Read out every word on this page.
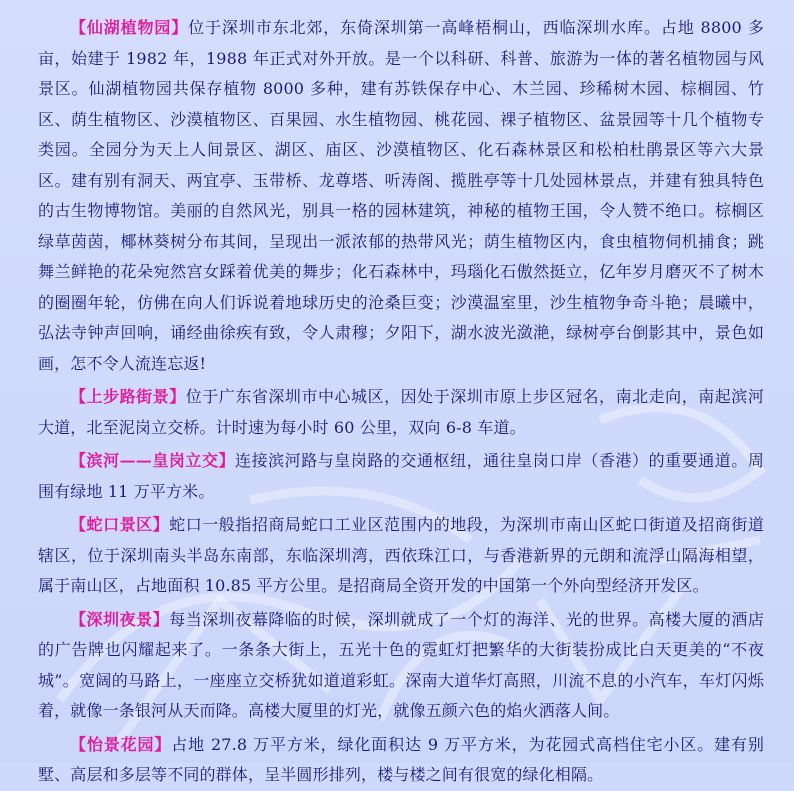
【仙湖植物园】位于深圳市东北郊，东倚深圳第一高峰梧桐山，西临深圳水库。占地 8800 多亩，始建于 1982 年，1988 年正式对外开放。是一个以科研、科普、旅游为一体的著名植物园与风景区。仙湖植物园共保存植物 8000 多种，建有苏铁保存中心、木兰园、珍稀树木园、棕榈园、竹区、荫生植物区、沙漠植物区、百果园、水生植物园、桃花园、裸子植物区、盆景园等十几个植物专类园。全园分为天上人间景区、湖区、庙区、沙漠植物区、化石森林景区和松柏杜鹃景区等六大景区。建有别有洞天、两宜亭、玉带桥、龙尊塔、听涛阁、揽胜亭等十几处园林景点，并建有独具特色的古生物博物馆。美丽的自然风光，别具一格的园林建筑，神秘的植物王国，令人赞不绝口。棕榈区绿草茵茵，椰林葵树分布其间，呈现出一派浓郁的热带风光；荫生植物区内，食虫植物伺机捕食；跳舞兰鲜艳的花朵宛然宫女踩着优美的舞步；化石森林中，玛瑙化石傲然挺立，亿年岁月磨灭不了树木的圈圈年轮，仿佛在向人们诉说着地球历史的沧桑巨变；沙漠温室里，沙生植物争奇斗艳；晨曦中，弘法寺钟声回响，诵经曲徐疾有致，令人肃穆；夕阳下，湖水波光潋滟，绿树亭台倒影其中，景色如画，怎不令人流连忘返!

【上步路街景】位于广东省深圳市中心城区，因处于深圳市原上步区冠名，南北走向，南起滨河大道，北至泥岗立交桥。计时速为每小时 60 公里，双向 6-8 车道。

【滨河——皇岗立交】连接滨河路与皇岗路的交通枢纽，通往皇岗口岸（香港）的重要通道。周围有绿地 11 万平方米。

【蛇口景区】蛇口一般指招商局蛇口工业区范围内的地段，为深圳市南山区蛇口街道及招商街道辖区，位于深圳南头半岛东南部，东临深圳湾，西依珠江口，与香港新界的元朗和流浮山隔海相望，属于南山区，占地面积 10.85 平方公里。是招商局全资开发的中国第一个外向型经济开发区。

【深圳夜景】每当深圳夜幕降临的时候，深圳就成了一个灯的海洋、光的世界。高楼大厦的酒店的广告牌也闪耀起来了。一条条大街上，五光十色的霓虹灯把繁华的大街装扮成比白天更美的“不夜城”。宽阔的马路上，一座座立交桥犹如道道彩虹。深南大道华灯高照，川流不息的小汽车，车灯闪烁着，就像一条银河从天而降。高楼大厦里的灯光，就像五颜六色的焰火洒落人间。

【怡景花园】占地 27.8 万平方米，绿化面积达 9 万平方米，为花园式高档住宅小区。建有别墅、高层和多层等不同的群体，呈半圆形排列，楼与楼之间有很宽的绿化相隔。
